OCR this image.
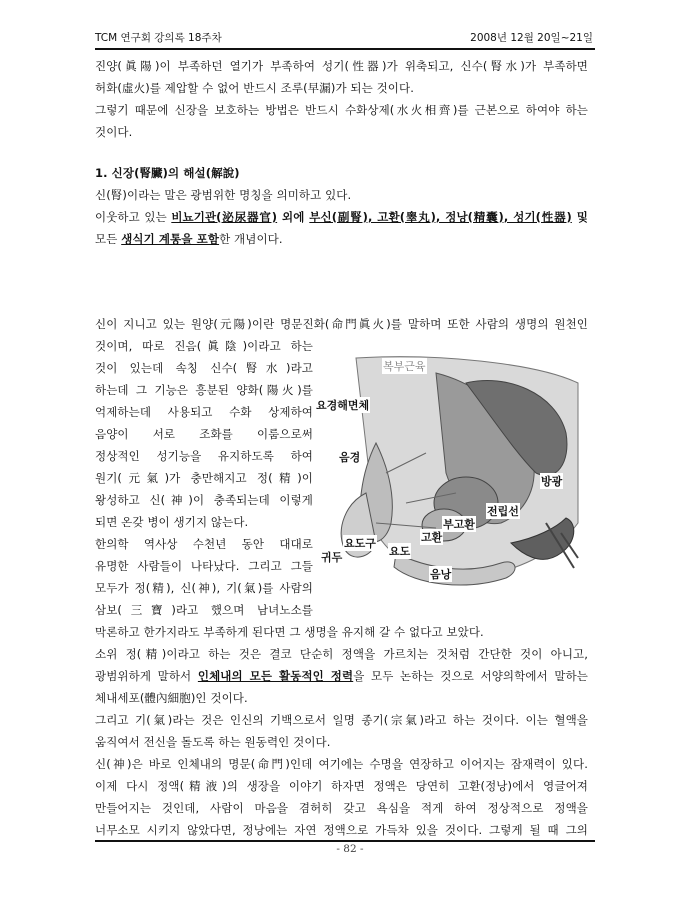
TCM 연구회 강의록 18주차	2008년 12월 20일~21일
진양(眞陽)이 부족하던 열기가 부족하여 성기(性器)가 위축되고, 신수(腎水)가 부족하면
허화(虛火)를 제압할 수 없어 반드시 조루(早漏)가 되는 것이다.
그렇기 때문에 신장을 보호하는 방법은 반드시 수화상제(水火相齊)를 근본으로 하여야 하는
것이다.
1. 신장(腎臟)의 해설(解說)
신(腎)이라는 말은 광범위한 명칭을 의미하고 있다.
이웃하고 있는 비뇨기관(泌尿器官) 외에 부신(副腎), 고환(睾丸), 정낭(精囊), 성기(性器) 및
모든 생식기 계통을 포함한 개념이다.
신이 지니고 있는 원양(元陽)이란 명문진화(命門眞火)를 말하며 또한 사람의 생명의 원천인
것이며, 따로 진음(眞陰)이라고 하는
것이 있는데 속칭 신수(腎水)라고
하는데 그 기능은 흥분된 양화(陽火)를
억제하는데 사용되고 수화 상제하여
음양이 서로 조화를 이룸으로써
정상적인 성기능을 유지하도록 하여
원기(元氣)가 충만해지고 정(精)이
왕성하고 신(神)이 충족되는데 이렇게
되면 온갖 병이 생기지 않는다.
한의학 역사상 수천년 동안 대대로
유명한 사람들이 나타났다. 그리고 그들
모두가 정(精), 신(神), 기(氣)를 사람의
삼보(三寶)라고 했으며 남녀노소를
막론하고 한가지라도 부족하게 된다면 그 생명을 유지해 갈 수 없다고 보았다.
소위 정(精)이라고 하는 것은 결코 단순히 정액을 가르치는 것처럼 간단한 것이 아니고,
광범위하게 말하서 인체내의 모든 활동적인 정력을 모두 논하는 것으로 서양의학에서 말하는
체내세포(體內細胞)인 것이다.
그리고 기(氣)라는 것은 인신의 기백으로서 일명 종기(宗氣)라고 하는 것이다. 이는 혈액을
움직여서 전신을 돌도록 하는 원동력인 것이다.
신(神)은 바로 인체내의 명문(命門)인데 여기에는 수명을 연장하고 이어지는 잠재력이 있다.
이제 다시 정액(精液)의 생장을 이야기 하자면 정액은 당연히 고환(정낭)에서 영글어져
만들어지는 것인데, 사람이 마음을 겸허히 갖고 욕심을 적게 하여 정상적으로 정액을
너무소모 시키지 않았다면, 정낭에는 자연 정액으로 가득차 있을 것이다. 그렇게 될 때 그의
복부근육
요경해면체
음경
방광
전립선
부고환
요도구	고환
귀두	요도
음낭
- 82 -
